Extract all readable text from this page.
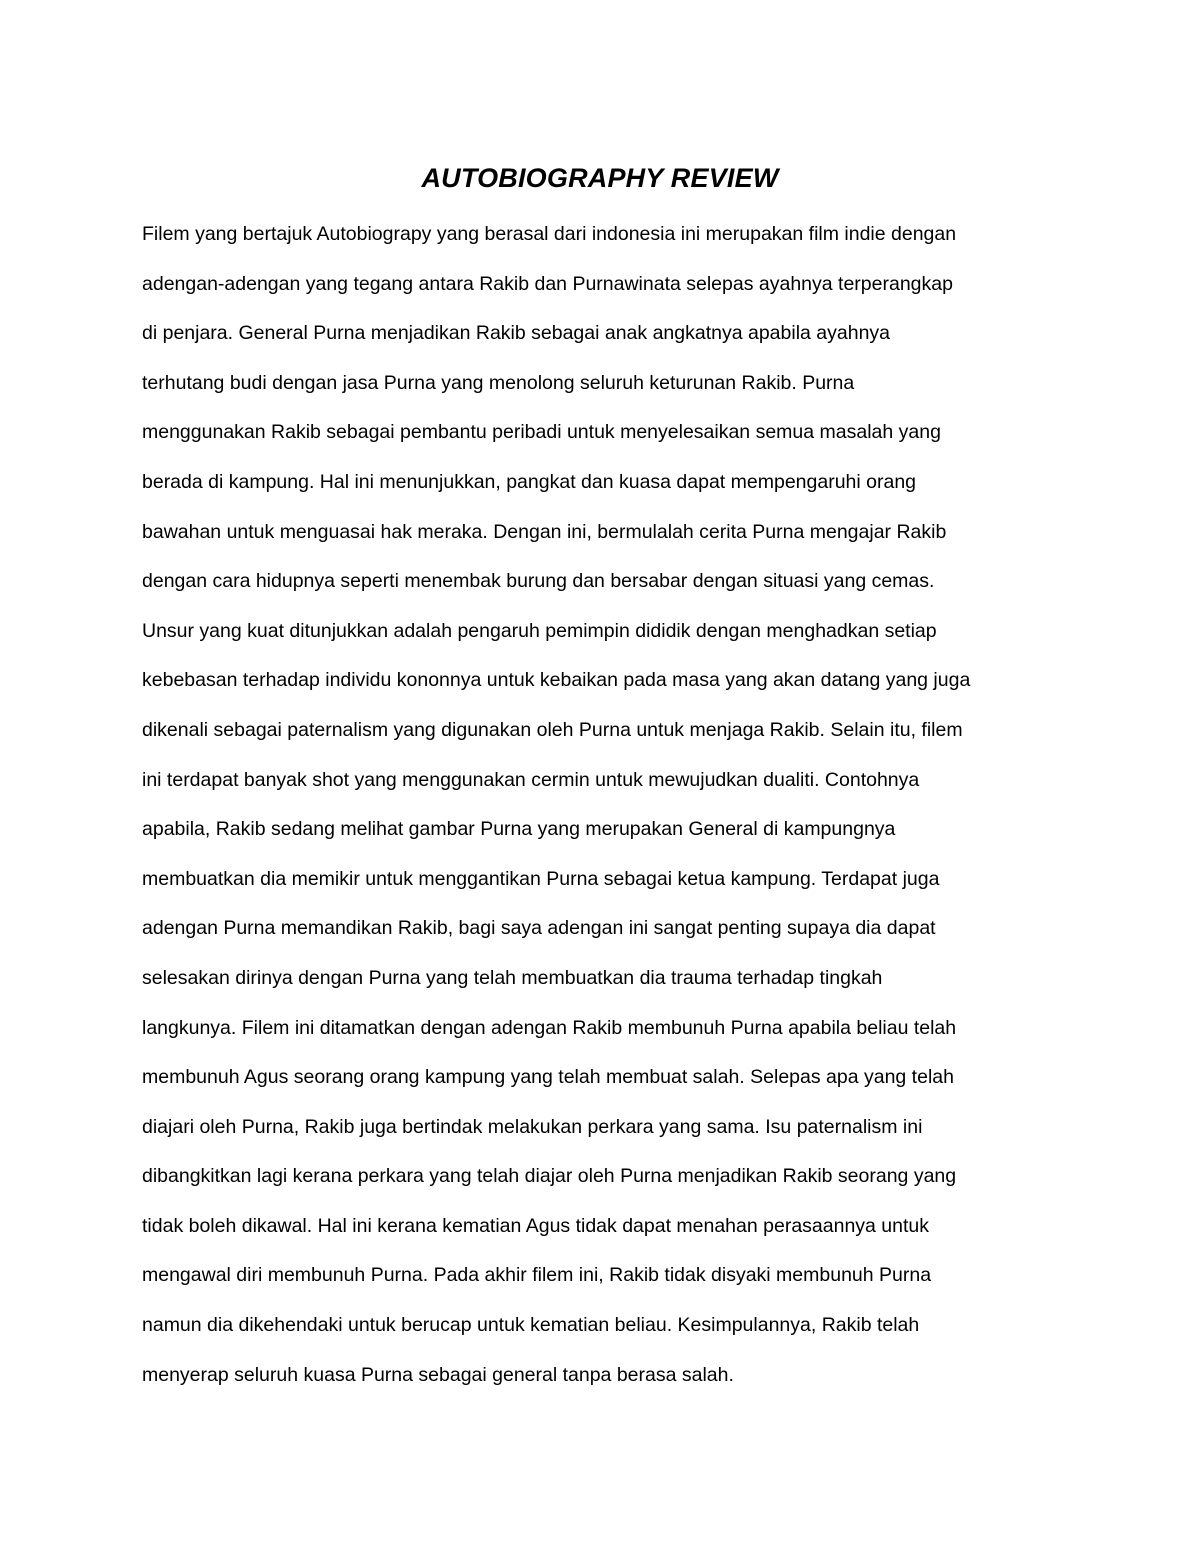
AUTOBIOGRAPHY REVIEW
Filem yang bertajuk Autobiograpy yang berasal dari indonesia ini merupakan film indie dengan
adengan-adengan yang tegang antara Rakib dan Purnawinata selepas ayahnya terperangkap
di penjara. General Purna menjadikan Rakib sebagai anak angkatnya apabila ayahnya
terhutang budi dengan jasa Purna yang menolong seluruh keturunan Rakib. Purna
menggunakan Rakib sebagai pembantu peribadi untuk menyelesaikan semua masalah yang
berada di kampung. Hal ini menunjukkan, pangkat dan kuasa dapat mempengaruhi orang
bawahan untuk menguasai hak meraka. Dengan ini, bermulalah cerita Purna mengajar Rakib
dengan cara hidupnya seperti menembak burung dan bersabar dengan situasi yang cemas.
Unsur yang kuat ditunjukkan adalah pengaruh pemimpin dididik dengan menghadkan setiap
kebebasan terhadap individu kononnya untuk kebaikan pada masa yang akan datang yang juga
dikenali sebagai paternalism yang digunakan oleh Purna untuk menjaga Rakib. Selain itu, filem
ini terdapat banyak shot yang menggunakan cermin untuk mewujudkan dualiti. Contohnya
apabila, Rakib sedang melihat gambar Purna yang merupakan General di kampungnya
membuatkan dia memikir untuk menggantikan Purna sebagai ketua kampung. Terdapat juga
adengan Purna memandikan Rakib, bagi saya adengan ini sangat penting supaya dia dapat
selesakan dirinya dengan Purna yang telah membuatkan dia trauma terhadap tingkah
langkunya. Filem ini ditamatkan dengan adengan Rakib membunuh Purna apabila beliau telah
membunuh Agus seorang orang kampung yang telah membuat salah. Selepas apa yang telah
diajari oleh Purna, Rakib juga bertindak melakukan perkara yang sama. Isu paternalism ini
dibangkitkan lagi kerana perkara yang telah diajar oleh Purna menjadikan Rakib seorang yang
tidak boleh dikawal. Hal ini kerana kematian Agus tidak dapat menahan perasaannya untuk
mengawal diri membunuh Purna. Pada akhir filem ini, Rakib tidak disyaki membunuh Purna
namun dia dikehendaki untuk berucap untuk kematian beliau. Kesimpulannya, Rakib telah
menyerap seluruh kuasa Purna sebagai general tanpa berasa salah.
